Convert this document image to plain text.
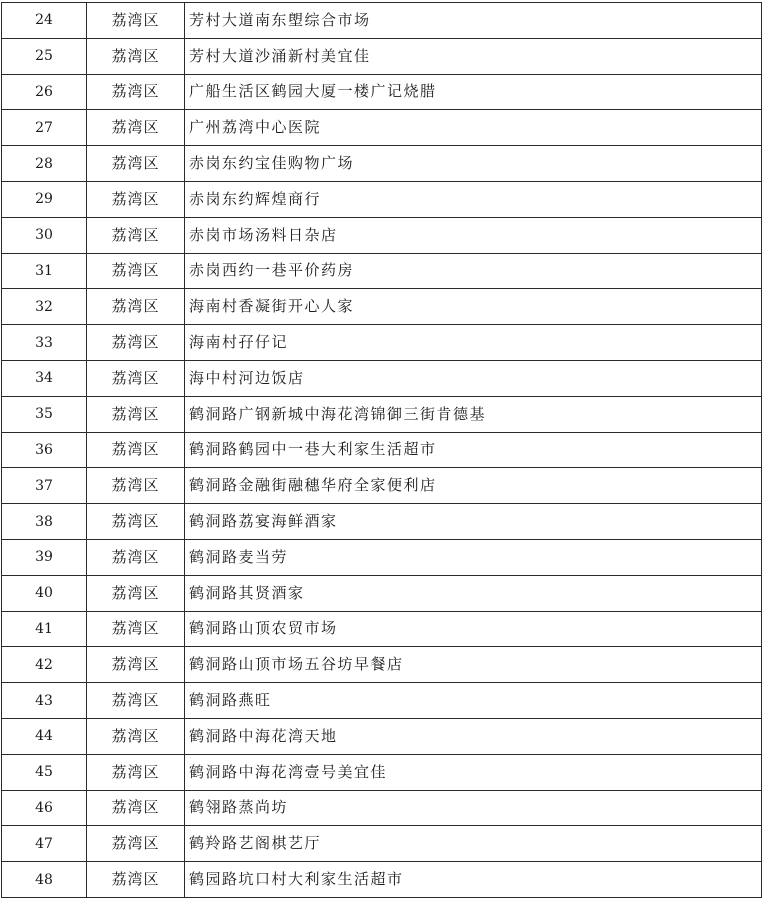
24	荔湾区	芳村大道南东塱综合市场
25	荔湾区	芳村大道沙涌新村美宜佳
26	荔湾区	广船生活区鹤园大厦一楼广记烧腊
27	荔湾区	广州荔湾中心医院
28	荔湾区	赤岗东约宝佳购物广场
29	荔湾区	赤岗东约辉煌商行
30	荔湾区	赤岗市场汤料日杂店
31	荔湾区	赤岗西约一巷平价药房
32	荔湾区	海南村香凝街开心人家
33	荔湾区	海南村孖仔记
34	荔湾区	海中村河边饭店
35	荔湾区	鹤洞路广钢新城中海花湾锦御三街肯德基
36	荔湾区	鹤洞路鹤园中一巷大利家生活超市
37	荔湾区	鹤洞路金融街融穗华府全家便利店
38	荔湾区	鹤洞路荔宴海鲜酒家
39	荔湾区	鹤洞路麦当劳
40	荔湾区	鹤洞路其贤酒家
41	荔湾区	鹤洞路山顶农贸市场
42	荔湾区	鹤洞路山顶市场五谷坊早餐店
43	荔湾区	鹤洞路燕旺
44	荔湾区	鹤洞路中海花湾天地
45	荔湾区	鹤洞路中海花湾壹号美宜佳
46	荔湾区	鹤翎路蒸尚坊
47	荔湾区	鹤羚路艺阁棋艺厅
48	荔湾区	鹤园路坑口村大利家生活超市
